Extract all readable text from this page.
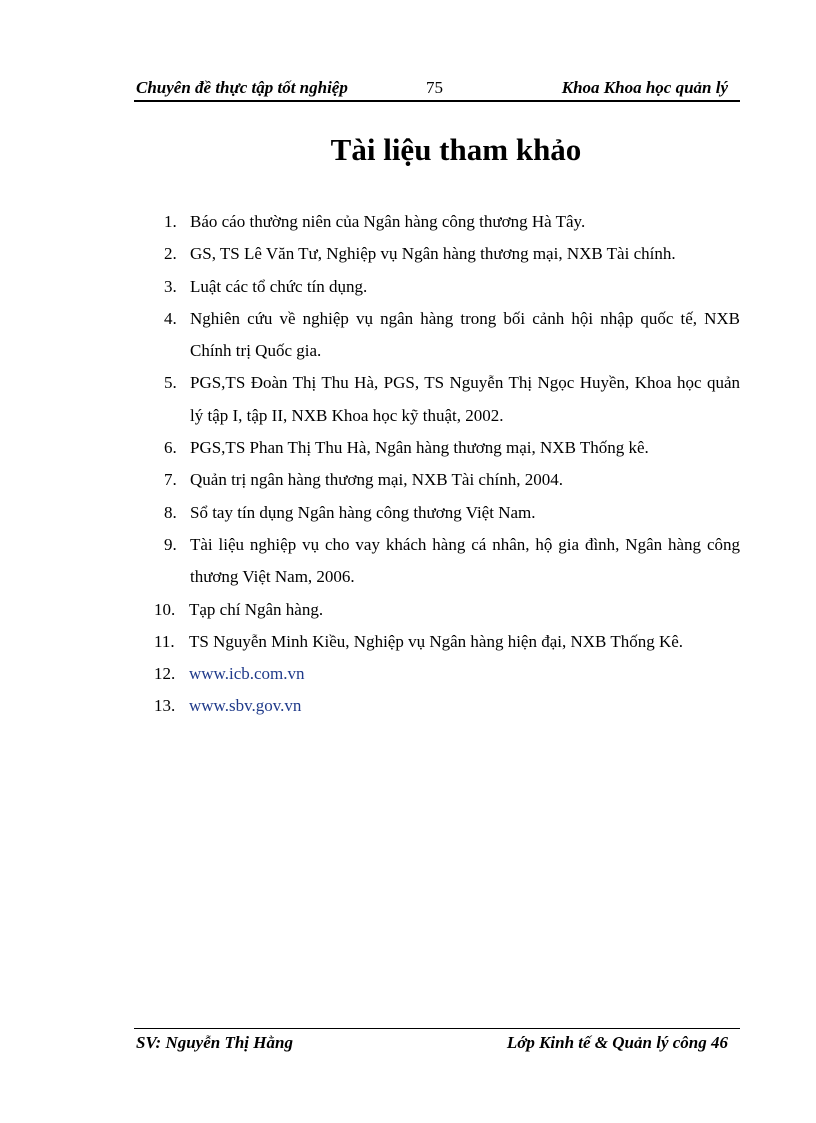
Chuyên đề thực tập tốt nghiệp	75	Khoa Khoa học quản lý
Tài liệu tham khảo
1. Báo cáo thường niên của Ngân hàng công thương Hà Tây.
2. GS, TS Lê Văn Tư, Nghiệp vụ Ngân hàng thương mại, NXB Tài chính.
3. Luật các tổ chức tín dụng.
4. Nghiên cứu về nghiệp vụ ngân hàng trong bối cảnh hội nhập quốc tế, NXB Chính trị Quốc gia.
5. PGS,TS Đoàn Thị Thu Hà, PGS, TS Nguyễn Thị Ngọc Huyền, Khoa học quản lý tập I, tập II, NXB Khoa học kỹ thuật, 2002.
6. PGS,TS Phan Thị Thu Hà, Ngân hàng thương mại, NXB Thống kê.
7. Quản trị ngân hàng thương mại, NXB Tài chính, 2004.
8. Sổ tay tín dụng Ngân hàng công thương Việt Nam.
9. Tài liệu nghiệp vụ cho vay khách hàng cá nhân, hộ gia đình, Ngân hàng công thương Việt Nam, 2006.
10. Tạp chí Ngân hàng.
11. TS Nguyễn Minh Kiều, Nghiệp vụ Ngân hàng hiện đại, NXB Thống Kê.
12. www.icb.com.vn
13. www.sbv.gov.vn
SV: Nguyễn Thị Hằng	Lớp Kinh tế & Quản lý công 46
